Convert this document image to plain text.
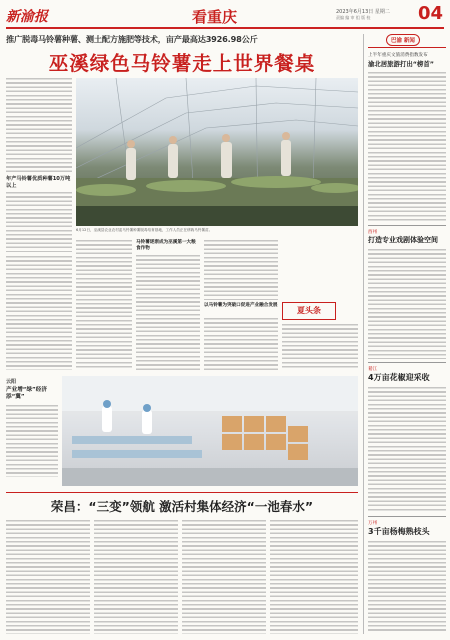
新渝报	看重庆	2023年6月13日 星期二
责编 编 审 组 版 校	04
推广脱毒马铃薯种薯、测土配方施肥等技术，亩产最高达3926.98公斤
巫溪绿色马铃薯走上世界餐桌
年产马铃薯优质种薯10万吨以上
6月12日，巫溪县农业农村委马铃薯种薯脱毒培育基地，工作人员正在移栽马铃薯苗。
马铃薯逐渐成为巫溪第一大粮食作物
以马铃薯为突破口促进产业融合发展
夏头条
云阳
产业增“绿”经济添“翼”
荣昌：“三变”领航 激活村集体经济“一池春水”
巴渝 新闻
上半年重庆文旅消费指数发布
渝北居旅游打出“榜首”
酉州
打造专业戏剧体验空间
綦江
4万亩花椒迎采收
万州
3千亩杨梅熟枝头
